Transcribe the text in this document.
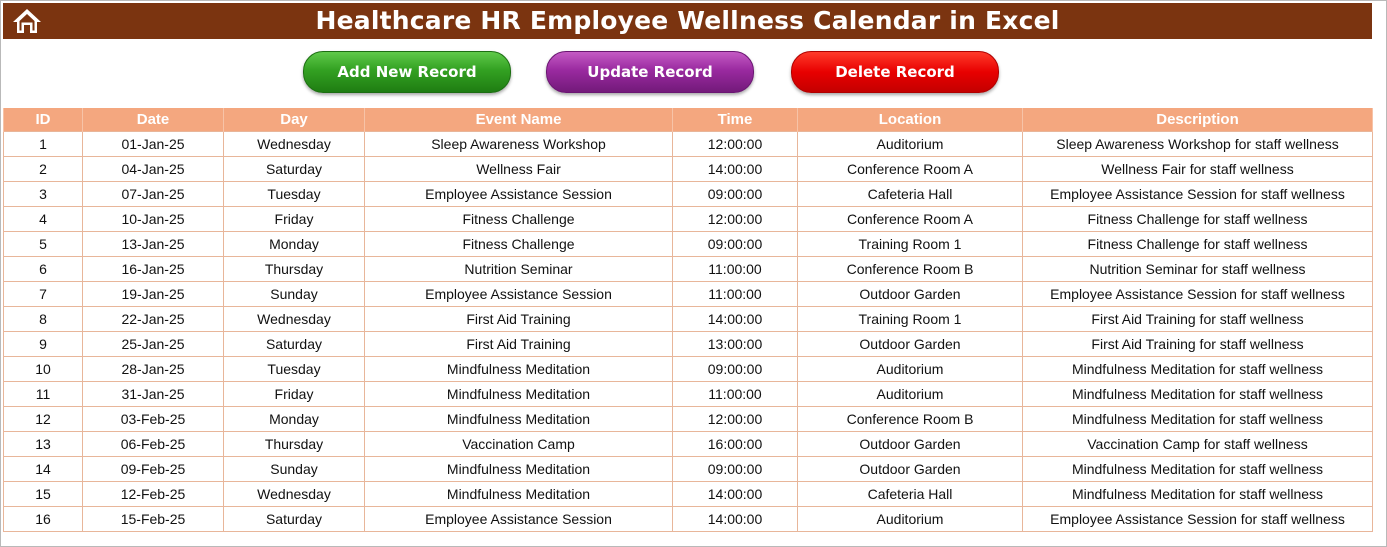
Healthcare HR Employee Wellness Calendar in Excel
Add New Record	Update Record	Delete Record
ID	Date	Day	Event Name	Time	Location	Description
1	01-Jan-25	Wednesday	Sleep Awareness Workshop	12:00:00	Auditorium	Sleep Awareness Workshop for staff wellness
2	04-Jan-25	Saturday	Wellness Fair	14:00:00	Conference Room A	Wellness Fair for staff wellness
3	07-Jan-25	Tuesday	Employee Assistance Session	09:00:00	Cafeteria Hall	Employee Assistance Session for staff wellness
4	10-Jan-25	Friday	Fitness Challenge	12:00:00	Conference Room A	Fitness Challenge for staff wellness
5	13-Jan-25	Monday	Fitness Challenge	09:00:00	Training Room 1	Fitness Challenge for staff wellness
6	16-Jan-25	Thursday	Nutrition Seminar	11:00:00	Conference Room B	Nutrition Seminar for staff wellness
7	19-Jan-25	Sunday	Employee Assistance Session	11:00:00	Outdoor Garden	Employee Assistance Session for staff wellness
8	22-Jan-25	Wednesday	First Aid Training	14:00:00	Training Room 1	First Aid Training for staff wellness
9	25-Jan-25	Saturday	First Aid Training	13:00:00	Outdoor Garden	First Aid Training for staff wellness
10	28-Jan-25	Tuesday	Mindfulness Meditation	09:00:00	Auditorium	Mindfulness Meditation for staff wellness
11	31-Jan-25	Friday	Mindfulness Meditation	11:00:00	Auditorium	Mindfulness Meditation for staff wellness
12	03-Feb-25	Monday	Mindfulness Meditation	12:00:00	Conference Room B	Mindfulness Meditation for staff wellness
13	06-Feb-25	Thursday	Vaccination Camp	16:00:00	Outdoor Garden	Vaccination Camp for staff wellness
14	09-Feb-25	Sunday	Mindfulness Meditation	09:00:00	Outdoor Garden	Mindfulness Meditation for staff wellness
15	12-Feb-25	Wednesday	Mindfulness Meditation	14:00:00	Cafeteria Hall	Mindfulness Meditation for staff wellness
16	15-Feb-25	Saturday	Employee Assistance Session	14:00:00	Auditorium	Employee Assistance Session for staff wellness
